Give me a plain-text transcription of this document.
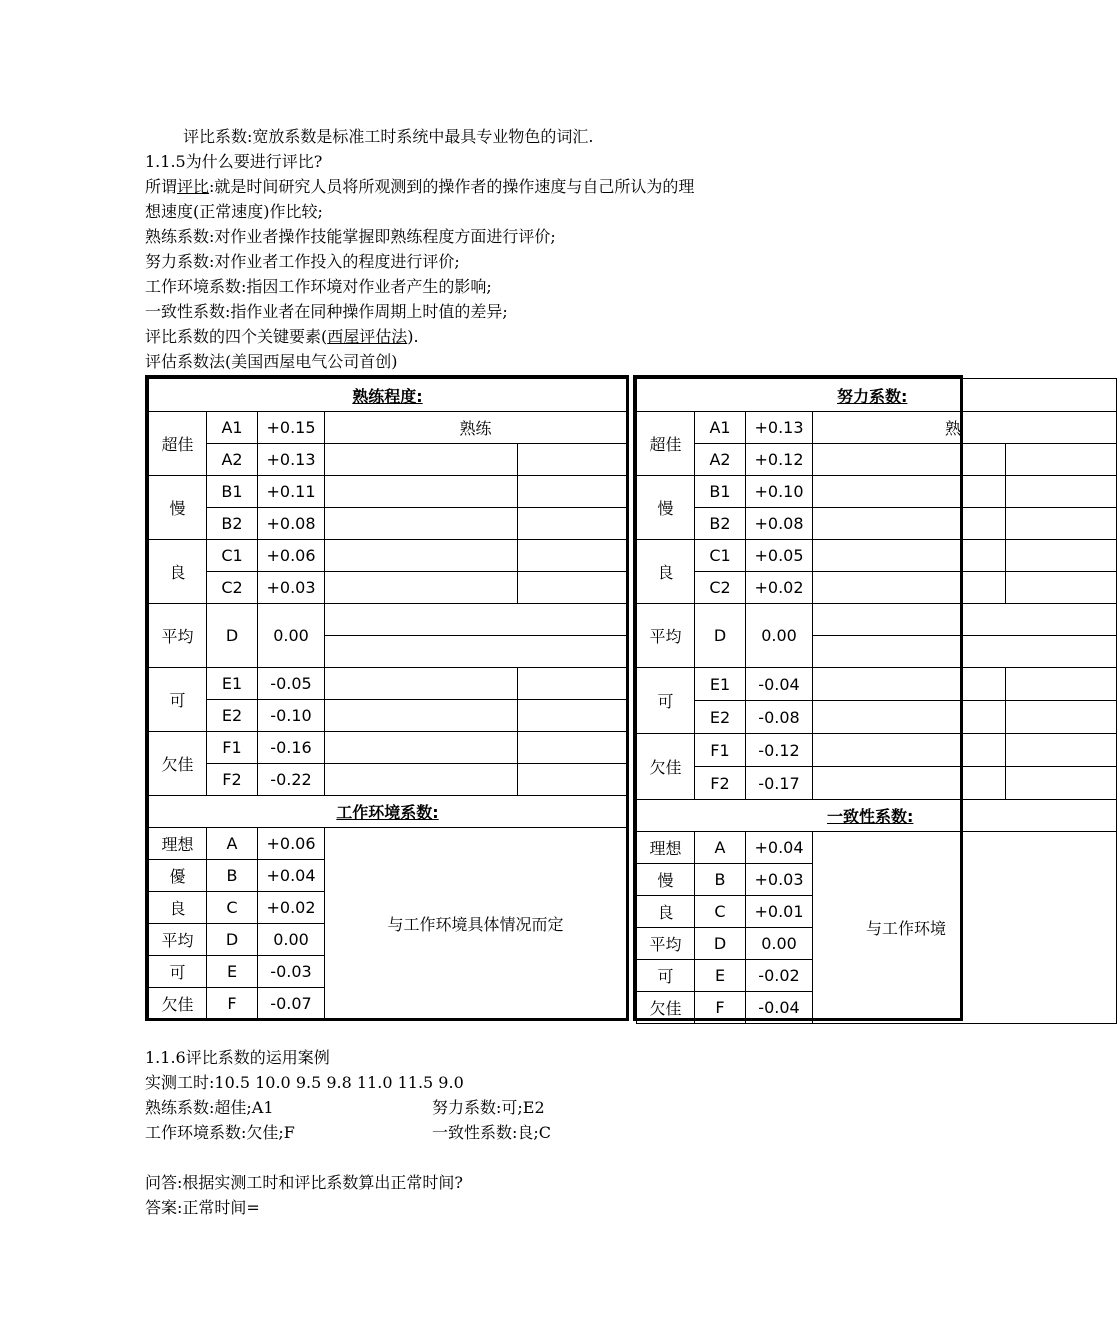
评比系数:宽放系数是标准工时系统中最具专业物色的词汇.
1.1.5为什么要进行评比?
所谓评比:就是时间研究人员将所观测到的操作者的操作速度与自己所认为的理
想速度(正常速度)作比较;
熟练系数:对作业者操作技能掌握即熟练程度方面进行评价;
努力系数:对作业者工作投入的程度进行评价;
工作环境系数:指因工作环境对作业者产生的影响;
一致性系数:指作业者在同种操作周期上时值的差异;
评比系数的四个关键要素(西屋评估法).
评估系数法(美国西屋电气公司首创)
熟练程度:				
超佳	A1	+0.15	熟练	
	A2	+0.13		
慢	B1	+0.11		
	B2	+0.08		
良	C1	+0.06		
	C2	+0.03		
平均	D	0.00		

可	E1	-0.05		
	E2	-0.10		
欠佳	F1	-0.16		
	F2	-0.22		
工作环境系数:				
理想	A	+0.06	与工作环境具体情况而定	
優	B	+0.04		
良	C	+0.02		
平均	D	0.00		
可	E	-0.03		
欠佳	F	-0.07		
努力系数:				
超佳	A1	+0.13	熟	
	A2	+0.12		
慢	B1	+0.10		
	B2	+0.08		
良	C1	+0.05		
	C2	+0.02		
平均	D	0.00		

可	E1	-0.04		
	E2	-0.08		
欠佳	F1	-0.12		
	F2	-0.17		
一致性系数:				
理想	A	+0.04	与工作环境	
慢	B	+0.03		
良	C	+0.01		
平均	D	0.00		
可	E	-0.02		
欠佳	F	-0.04		
1.1.6评比系数的运用案例
实测工时:10.5 10.0 9.5 9.8 11.0 11.5 9.0
熟练系数:超佳;A1	努力系数:可;E2
工作环境系数:欠佳;F	一致性系数:良;C
问答:根据实测工时和评比系数算出正常时间?
答案:正常时间=
